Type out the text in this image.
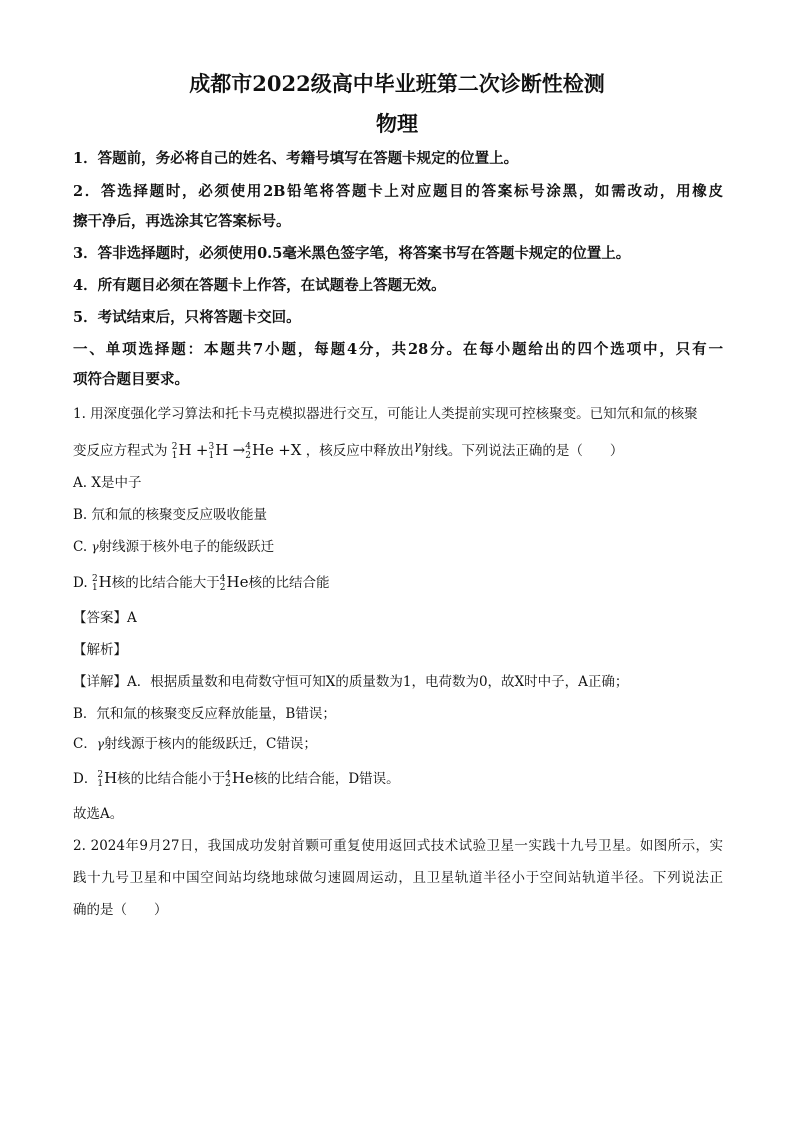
成都市2022级高中毕业班第二次诊断性检测
物理
1．答题前，务必将自己的姓名、考籍号填写在答题卡规定的位置上。
2．答选择题时，必须使用2B铅笔将答题卡上对应题目的答案标号涂黑，如需改动，用橡皮
擦干净后，再选涂其它答案标号。
3．答非选择题时，必须使用0.5毫米黑色签字笔，将答案书写在答题卡规定的位置上。
4．所有题目必须在答题卡上作答，在试题卷上答题无效。
5．考试结束后，只将答题卡交回。
一、单项选择题：本题共7小题，每题4分，共28分。在每小题给出的四个选项中，只有一
项符合题目要求。
1. 用深度强化学习算法和托卡马克模拟器进行交互，可能让人类提前实现可控核聚变。已知氘和氚的核聚
变反应方程式为 2
1 H + 3
1 H → 4
2 He +X ，核反应中释放出$^\gamma$射线。下列说法正确的是（　　）
A. X是中子
B. 氘和氚的核聚变反应吸收能量
C. γ射线源于核外电子的能级跃迁
D. 2
1 H核的比结合能大于 4
2 He核的比结合能
【答案】A
【解析】
【详解】A．根据质量数和电荷数守恒可知X的质量数为1，电荷数为0，故X时中子，A正确；
B．氘和氚的核聚变反应释放能量，B错误；
C．γ射线源于核内的能级跃迁，C错误；
D． 2
1 H核的比结合能小于 4
2 He核的比结合能，D错误。
故选A。
2. 2024年9月27日，我国成功发射首颗可重复使用返回式技术试验卫星一实践十九号卫星。如图所示，实
践十九号卫星和中国空间站均绕地球做匀速圆周运动，且卫星轨道半径小于空间站轨道半径。下列说法正
确的是（　　）
